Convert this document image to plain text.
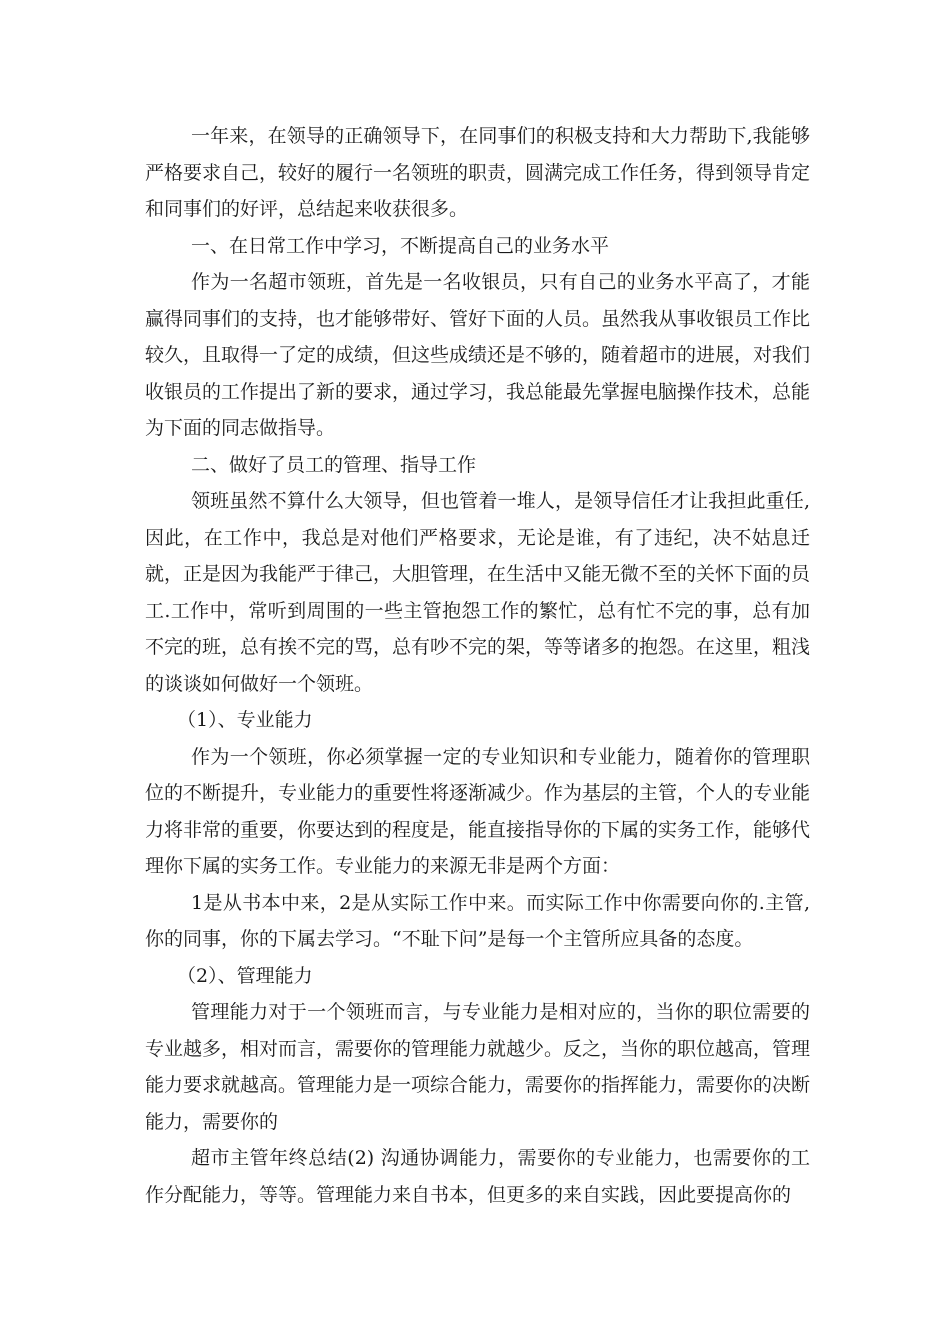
一年来，在领导的正确领导下，在同事们的积极支持和大力帮助下,我能够严格要求自己，较好的履行一名领班的职责，圆满完成工作任务，得到领导肯定和同事们的好评，总结起来收获很多。

一、在日常工作中学习，不断提高自己的业务水平

作为一名超市领班，首先是一名收银员，只有自己的业务水平高了，才能赢得同事们的支持，也才能够带好、管好下面的人员。虽然我从事收银员工作比较久，且取得一了定的成绩，但这些成绩还是不够的，随着超市的进展，对我们收银员的工作提出了新的要求，通过学习，我总能最先掌握电脑操作技术，总能为下面的同志做指导。

二、做好了员工的管理、指导工作

领班虽然不算什么大领导，但也管着一堆人，是领导信任才让我担此重任,因此，在工作中，我总是对他们严格要求，无论是谁，有了违纪，决不姑息迁就，正是因为我能严于律己，大胆管理，在生活中又能无微不至的关怀下面的员工.工作中，常听到周围的一些主管抱怨工作的繁忙，总有忙不完的事，总有加不完的班，总有挨不完的骂，总有吵不完的架，等等诸多的抱怨。在这里，粗浅的谈谈如何做好一个领班。

（1）、专业能力

作为一个领班，你必须掌握一定的专业知识和专业能力，随着你的管理职位的不断提升，专业能力的重要性将逐渐减少。作为基层的主管，个人的专业能力将非常的重要，你要达到的程度是，能直接指导你的下属的实务工作，能够代理你下属的实务工作。专业能力的来源无非是两个方面：

1是从书本中来，2是从实际工作中来。而实际工作中你需要向你的.主管,你的同事，你的下属去学习。“不耻下问”是每一个主管所应具备的态度。

（2）、管理能力

管理能力对于一个领班而言，与专业能力是相对应的，当你的职位需要的专业越多，相对而言，需要你的管理能力就越少。反之，当你的职位越高，管理能力要求就越高。管理能力是一项综合能力，需要你的指挥能力，需要你的决断能力，需要你的

超市主管年终总结(2) 沟通协调能力，需要你的专业能力，也需要你的工作分配能力，等等。管理能力来自书本，但更多的来自实践，因此要提高你的
